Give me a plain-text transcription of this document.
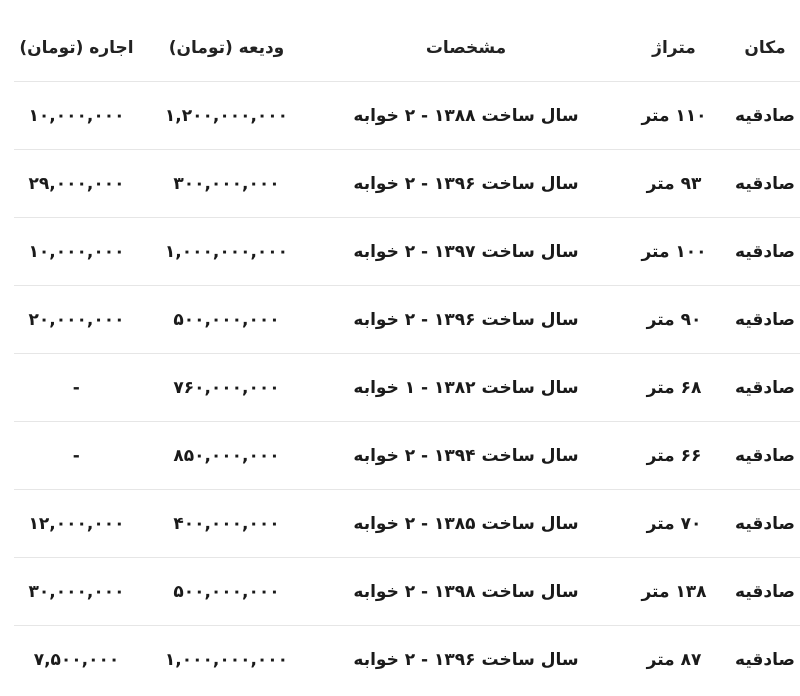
مکان	متراژ	مشخصات	ودیعه (تومان)	اجاره (تومان)
صادقیه	۱۱۰ متر	سال ساخت ۱۳۸۸ - ۲ خوابه	۱,۲۰۰,۰۰۰,۰۰۰	۱۰,۰۰۰,۰۰۰
صادقیه	۹۳ متر	سال ساخت ۱۳۹۶ - ۲ خوابه	۳۰۰,۰۰۰,۰۰۰	۲۹,۰۰۰,۰۰۰
صادقیه	۱۰۰ متر	سال ساخت ۱۳۹۷ - ۲ خوابه	۱,۰۰۰,۰۰۰,۰۰۰	۱۰,۰۰۰,۰۰۰
صادقیه	۹۰ متر	سال ساخت ۱۳۹۶ - ۲ خوابه	۵۰۰,۰۰۰,۰۰۰	۲۰,۰۰۰,۰۰۰
صادقیه	۶۸ متر	سال ساخت ۱۳۸۲ - ۱ خوابه	۷۶۰,۰۰۰,۰۰۰	-
صادقیه	۶۶ متر	سال ساخت ۱۳۹۴ - ۲ خوابه	۸۵۰,۰۰۰,۰۰۰	-
صادقیه	۷۰ متر	سال ساخت ۱۳۸۵ - ۲ خوابه	۴۰۰,۰۰۰,۰۰۰	۱۲,۰۰۰,۰۰۰
صادقیه	۱۳۸ متر	سال ساخت ۱۳۹۸ - ۲ خوابه	۵۰۰,۰۰۰,۰۰۰	۳۰,۰۰۰,۰۰۰
صادقیه	۸۷ متر	سال ساخت ۱۳۹۶ - ۲ خوابه	۱,۰۰۰,۰۰۰,۰۰۰	۷,۵۰۰,۰۰۰
